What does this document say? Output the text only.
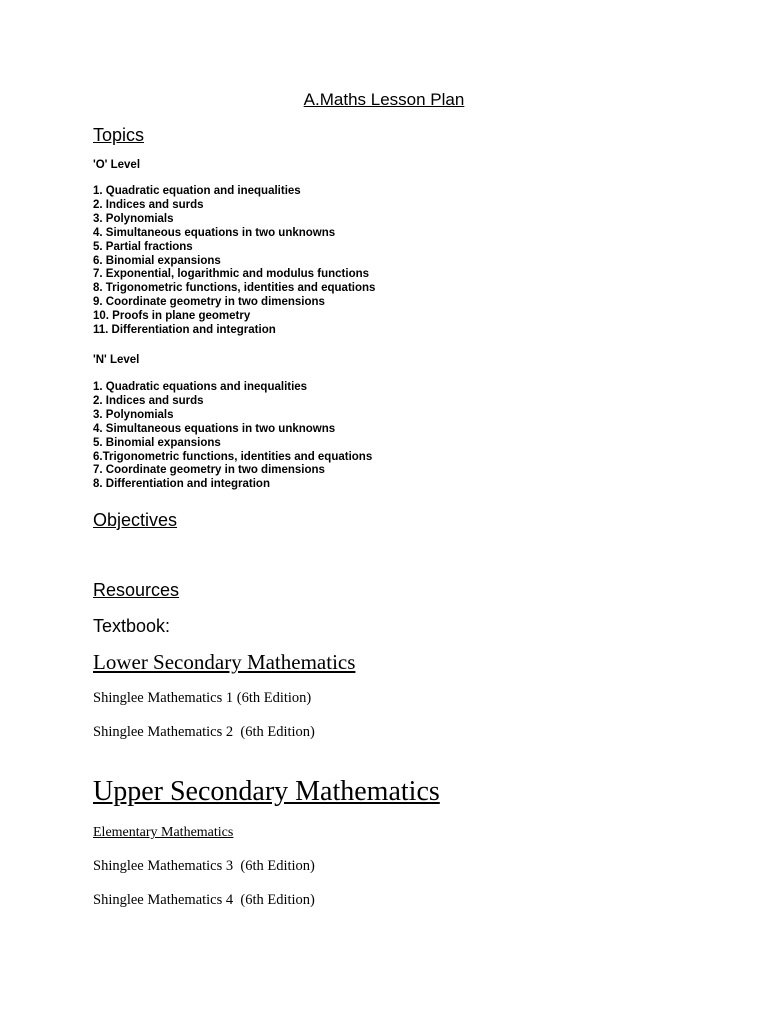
A.Maths Lesson Plan
Topics

'O' Level

1. Quadratic equation and inequalities
2. Indices and surds
3. Polynomials
4. Simultaneous equations in two unknowns
5. Partial fractions
6. Binomial expansions
7. Exponential, logarithmic and modulus functions
8. Trigonometric functions, identities and equations
9. Coordinate geometry in two dimensions
10. Proofs in plane geometry
11. Differentiation and integration

'N' Level

1. Quadratic equations and inequalities
2. Indices and surds
3. Polynomials
4. Simultaneous equations in two unknowns
5. Binomial expansions
6.Trigonometric functions, identities and equations
7. Coordinate geometry in two dimensions
8. Differentiation and integration
Objectives
Resources

Textbook:

Lower Secondary Mathematics

Shinglee Mathematics 1 (6th Edition)

Shinglee Mathematics 2  (6th Edition)

Upper Secondary Mathematics

Elementary Mathematics

Shinglee Mathematics 3  (6th Edition)

Shinglee Mathematics 4  (6th Edition)
